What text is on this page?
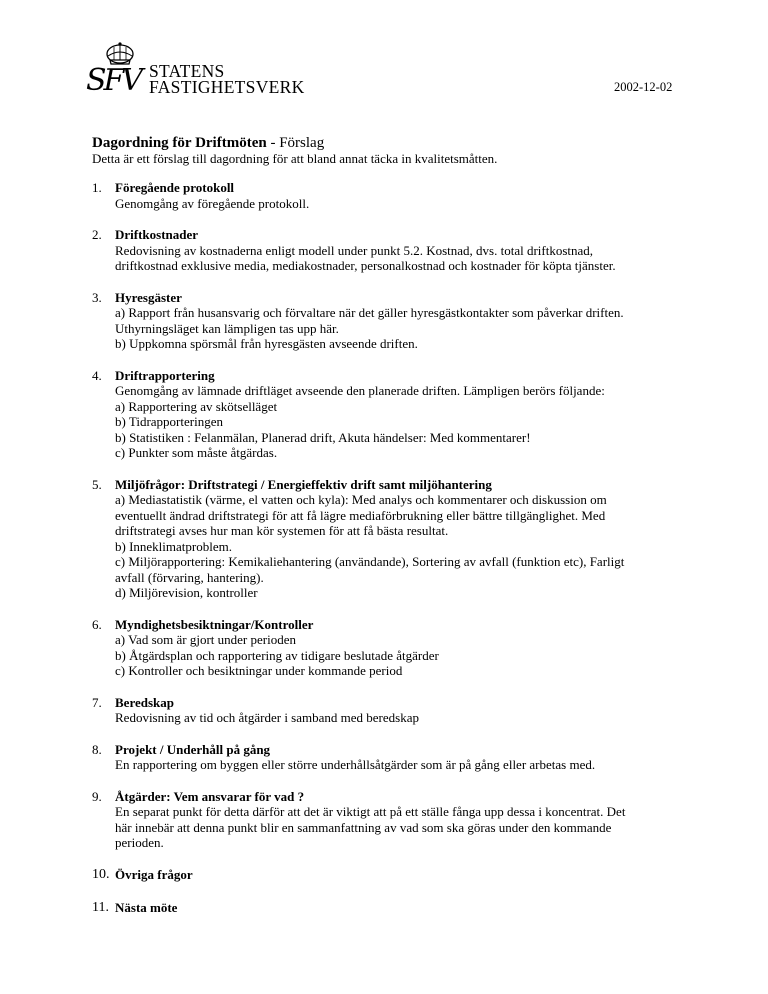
SFV STATENS
FASTIGHETSVERK	2002-12-02
Dagordning för Driftmöten - Förslag
Detta är ett förslag till dagordning för att bland annat täcka in kvalitetsmåtten.
1.	Föregående protokoll
Genomgång av föregående protokoll.
2.	Driftkostnader
Redovisning av kostnaderna enligt modell under punkt 5.2. Kostnad, dvs. total driftkostnad,
driftkostnad exklusive media, mediakostnader, personalkostnad och kostnader för köpta tjänster.
3.	Hyresgäster
a) Rapport från husansvarig och förvaltare när det gäller hyresgästkontakter som påverkar driften.
Uthyrningsläget kan lämpligen tas upp här.
b) Uppkomna spörsmål från hyresgästen avseende driften.
4.	Driftrapportering
Genomgång av lämnade driftläget avseende den planerade driften. Lämpligen berörs följande:
a) Rapportering av skötselläget
b) Tidrapporteringen
b) Statistiken : Felanmälan, Planerad drift, Akuta händelser: Med kommentarer!
c) Punkter som måste åtgärdas.
5.	Miljöfrågor: Driftstrategi / Energieffektiv drift samt miljöhantering
a) Mediastatistik (värme, el vatten och kyla): Med analys och kommentarer och diskussion om
eventuellt ändrad driftstrategi för att få lägre mediaförbrukning eller bättre tillgänglighet. Med
driftstrategi avses hur man kör systemen för att få bästa resultat.
b) Inneklimatproblem.
c) Miljörapportering: Kemikaliehantering (användande), Sortering av avfall (funktion etc), Farligt
avfall (förvaring, hantering).
d) Miljörevision, kontroller
6.	Myndighetsbesiktningar/Kontroller
a) Vad som är gjort under perioden
b) Åtgärdsplan och rapportering av tidigare beslutade åtgärder
c) Kontroller och besiktningar under kommande period
7.	Beredskap
Redovisning av tid och åtgärder i samband med beredskap
8.	Projekt / Underhåll på gång
En rapportering om byggen eller större underhållsåtgärder som är på gång eller arbetas med.
9.	Åtgärder: Vem ansvarar för vad ?
En separat punkt för detta därför att det är viktigt att på ett ställe fånga upp dessa i koncentrat. Det
här innebär att denna punkt blir en sammanfattning av vad som ska göras under den kommande
perioden.
10. Övriga frågor
11. Nästa möte
